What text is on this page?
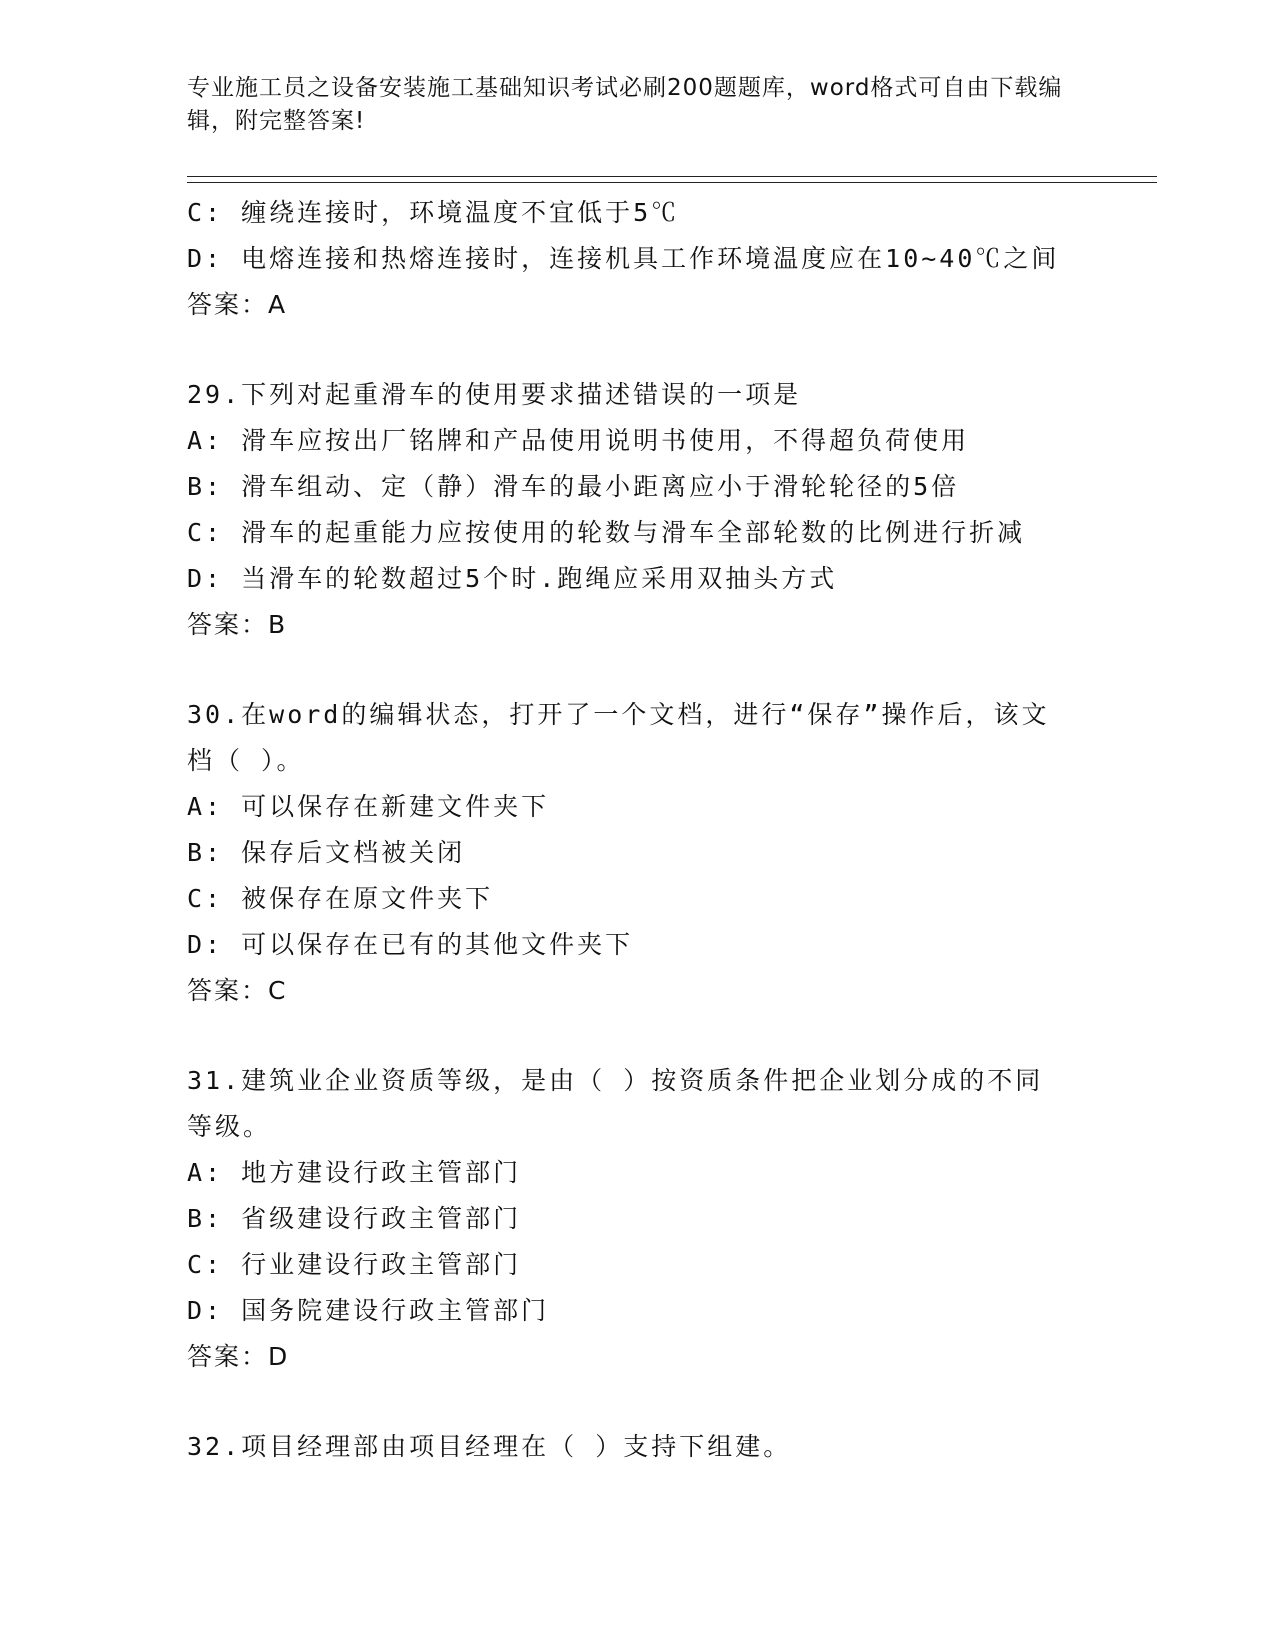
专业施工员之设备安装施工基础知识考试必刷200题题库，word格式可自由下载编辑，附完整答案!
C: 缠绕连接时，环境温度不宜低于5℃
D: 电熔连接和热熔连接时，连接机具工作环境温度应在10~40℃之间
答案：A
29.下列对起重滑车的使用要求描述错误的一项是
A: 滑车应按出厂铭牌和产品使用说明书使用，不得超负荷使用
B: 滑车组动、定（静）滑车的最小距离应小于滑轮轮径的5倍
C: 滑车的起重能力应按使用的轮数与滑车全部轮数的比例进行折减
D: 当滑车的轮数超过5个时.跑绳应采用双抽头方式
答案：B
30.在word的编辑状态，打开了一个文档，进行“保存”操作后，该文档（ ）。
A: 可以保存在新建文件夹下
B: 保存后文档被关闭
C: 被保存在原文件夹下
D: 可以保存在已有的其他文件夹下
答案：C
31.建筑业企业资质等级，是由（ ）按资质条件把企业划分成的不同等级。
A: 地方建设行政主管部门
B: 省级建设行政主管部门
C: 行业建设行政主管部门
D: 国务院建设行政主管部门
答案：D
32.项目经理部由项目经理在（ ）支持下组建。
